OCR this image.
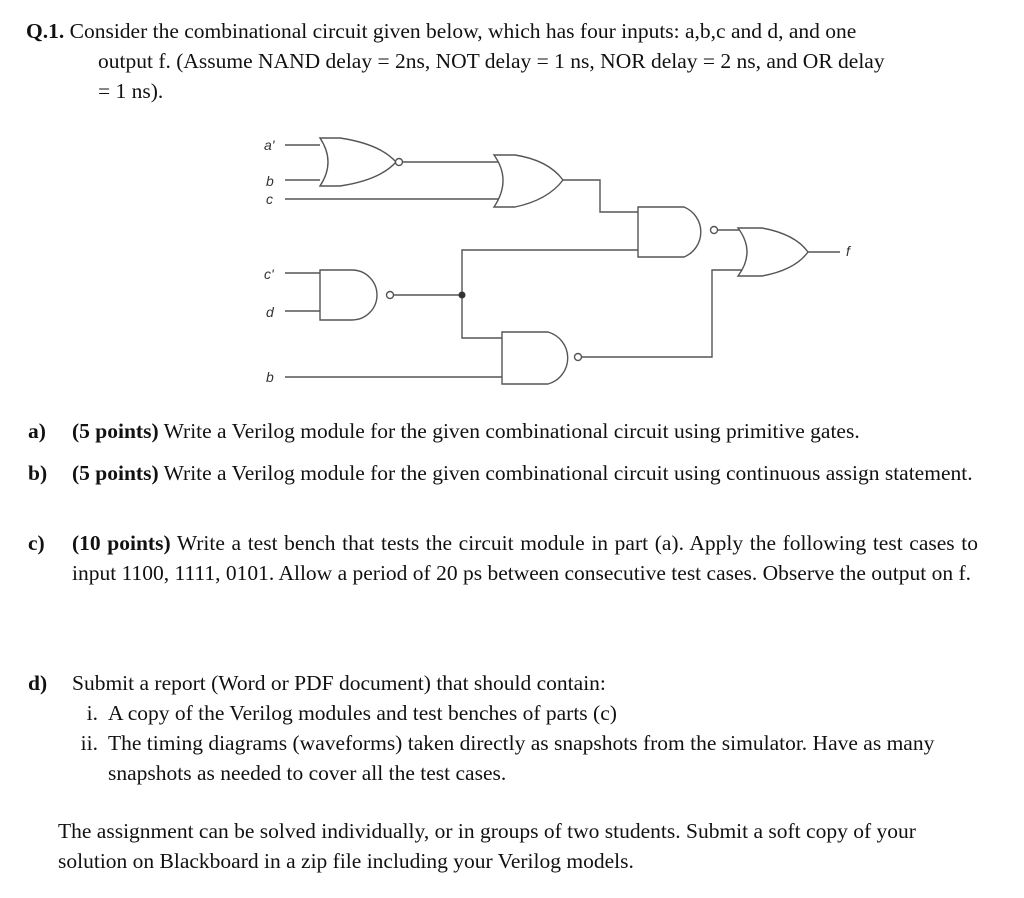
Q.1. Consider the combinational circuit given below, which has four inputs: a,b,c and d, and one
output f. (Assume NAND delay = 2ns, NOT delay = 1 ns, NOR delay = 2 ns, and OR delay
= 1 ns).
a'
b
c
c'
d
b
f
a) (5 points) Write a Verilog module for the given combinational circuit using primitive gates.
b) (5 points) Write a Verilog module for the given combinational circuit using continuous assign statement.
c) (10 points) Write a test bench that tests the circuit module in part (a). Apply the following test cases to input 1100, 1111, 0101. Allow a period of 20 ps between consecutive test cases. Observe the output on f.
d) Submit a report (Word or PDF document) that should contain:
i. A copy of the Verilog modules and test benches of parts (c)
ii. The timing diagrams (waveforms) taken directly as snapshots from the simulator. Have as many snapshots as needed to cover all the test cases.
The assignment can be solved individually, or in groups of two students. Submit a soft copy of your solution on Blackboard in a zip file including your Verilog models.
